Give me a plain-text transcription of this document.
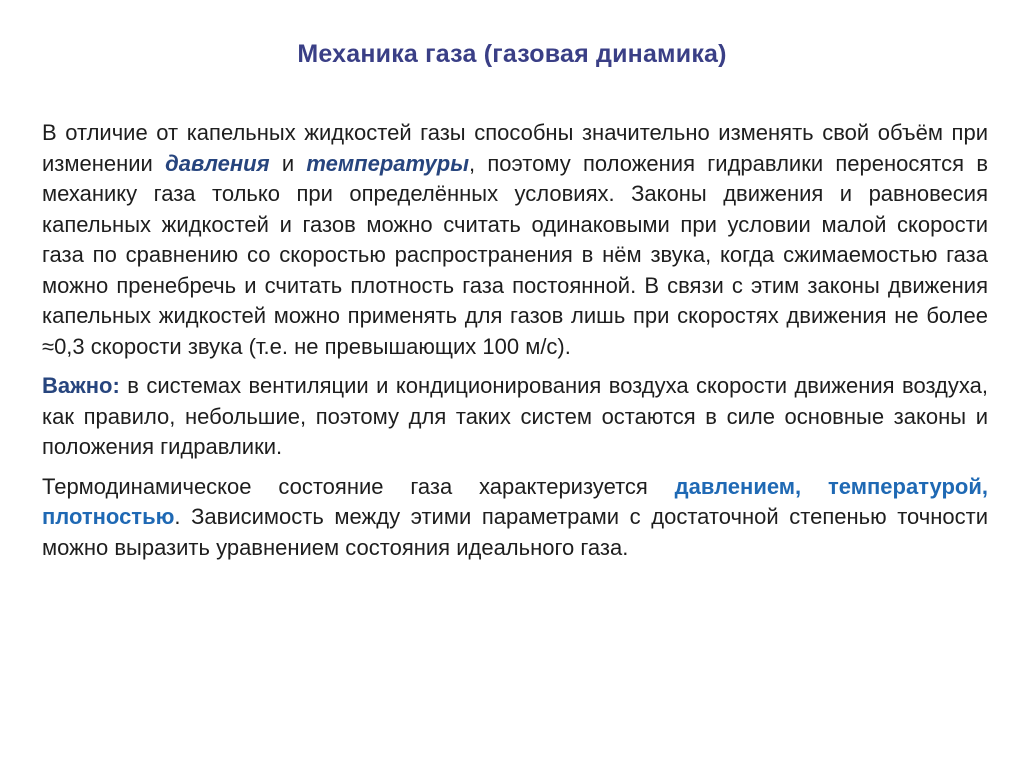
Механика газа (газовая динамика)

В отличие от капельных жидкостей газы способны значительно изменять свой объём при изменении давления и температуры, поэтому положения гидравлики переносятся в механику газа только при определённых условиях. Законы движения и равновесия капельных жидкостей и газов можно считать одинаковыми при условии малой скорости газа по сравнению со скоростью распространения в нём звука, когда сжимаемостью газа можно пренебречь и считать плотность газа постоянной. В связи с этим законы движения капельных жидкостей можно применять для газов лишь при скоростях движения не более ≈0,3 скорости звука (т.е. не превышающих 100 м/с).

Важно: в системах вентиляции и кондиционирования воздуха скорости движения воздуха, как правило, небольшие, поэтому для таких систем остаются в силе основные законы и положения гидравлики.

Термодинамическое состояние газа характеризуется давлением, температурой, плотностью. Зависимость между этими параметрами с достаточной степенью точности можно выразить уравнением состояния идеального газа.
